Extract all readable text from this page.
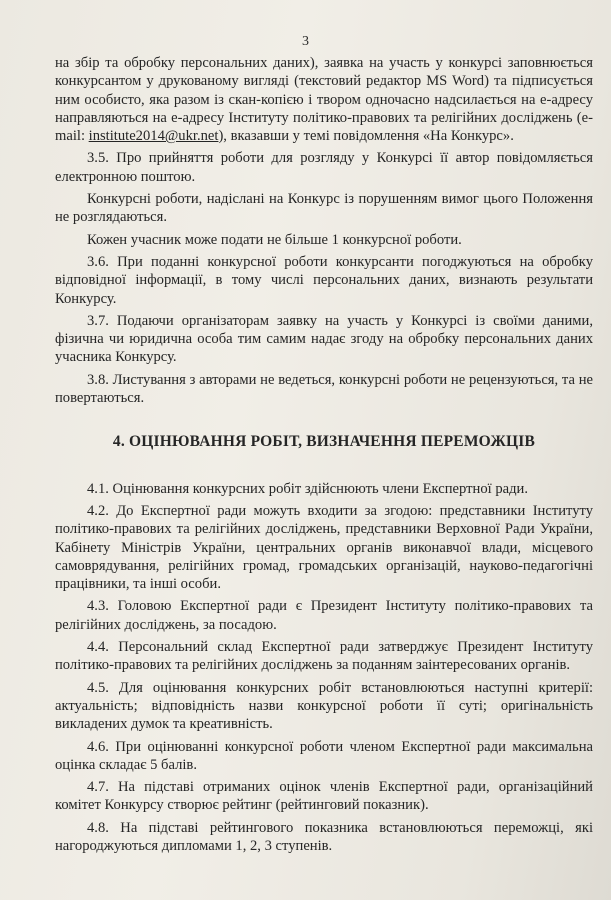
3

на збір та обробку персональних даних), заявка на участь у конкурсі заповнюється конкурсантом у друкованому вигляді (текстовий редактор MS Word) та підписується ним особисто, яка разом із скан-копією і твором одночасно надсилається на е-адресу направляються на е-адресу Інституту політико-правових та релігійних досліджень (e-mail: institute2014@ukr.net), вказавши у темі повідомлення «На Конкурс».

3.5. Про прийняття роботи для розгляду у Конкурсі її автор повідомляється електронною поштою.

Конкурсні роботи, надіслані на Конкурс із порушенням вимог цього Положення не розглядаються.

Кожен учасник може подати не більше 1 конкурсної роботи.

3.6. При поданні конкурсної роботи конкурсанти погоджуються на обробку відповідної інформації, в тому числі персональних даних, визнають результати Конкурсу.

3.7. Подаючи організаторам заявку на участь у Конкурсі із своїми даними, фізична чи юридична особа тим самим надає згоду на обробку персональних даних учасника Конкурсу.

3.8. Листування з авторами не ведеться, конкурсні роботи не рецензуються, та не повертаються.

4. ОЦІНЮВАННЯ РОБІТ, ВИЗНАЧЕННЯ ПЕРЕМОЖЦІВ

4.1. Оцінювання конкурсних робіт здійснюють члени Експертної ради.

4.2. До Експертної ради можуть входити за згодою: представники Інституту політико-правових та релігійних досліджень, представники Верховної Ради України, Кабінету Міністрів України, центральних органів виконавчої влади, місцевого самоврядування, релігійних громад, громадських організацій, науково-педагогічні працівники, та інші особи.

4.3. Головою Експертної ради є Президент Інституту політико-правових та релігійних досліджень, за посадою.

4.4. Персональний склад Експертної ради затверджує Президент Інституту політико-правових та релігійних досліджень за поданням заінтересованих органів.

4.5. Для оцінювання конкурсних робіт встановлюються наступні критерії: актуальність; відповідність назви конкурсної роботи її суті; оригінальність викладених думок та креативність.

4.6. При оцінюванні конкурсної роботи членом Експертної ради максимальна оцінка складає 5 балів.

4.7. На підставі отриманих оцінок членів Експертної ради, організаційний комітет Конкурсу створює рейтинг (рейтинговий показник).

4.8. На підставі рейтингового показника встановлюються переможці, які нагороджуються дипломами 1, 2, 3 ступенів.
